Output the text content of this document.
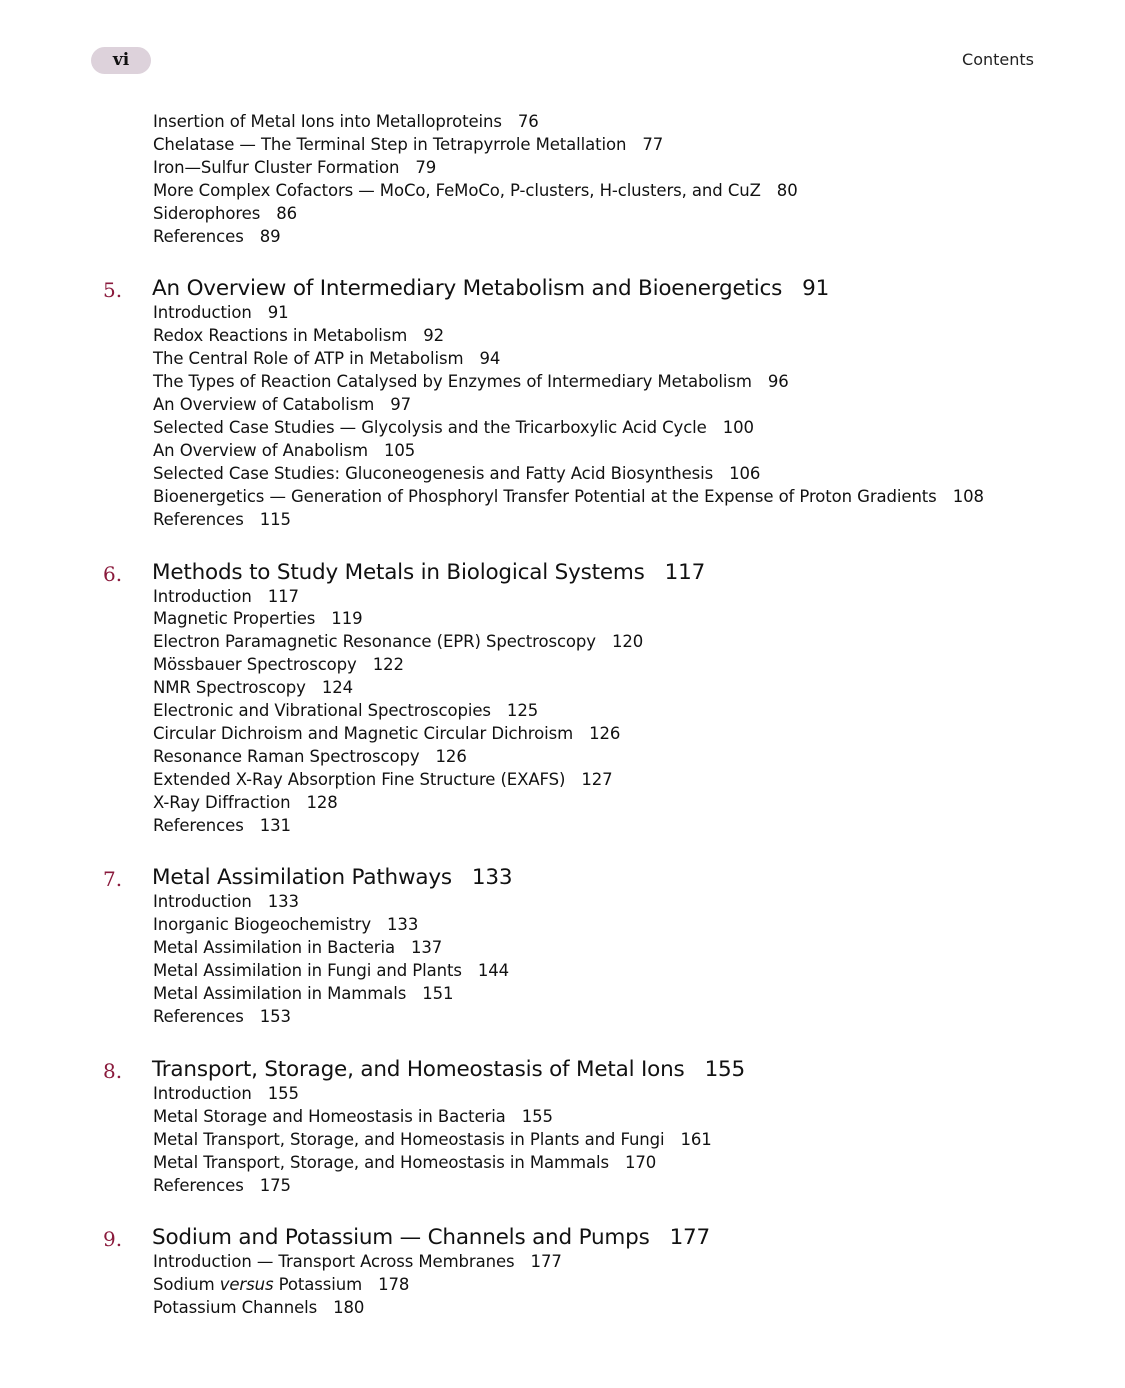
vi	Contents
Insertion of Metal Ions into Metalloproteins 76
Chelatase — The Terminal Step in Tetrapyrrole Metallation 77
Iron—Sulfur Cluster Formation 79
More Complex Cofactors — MoCo, FeMoCo, P-clusters, H-clusters, and CuZ 80
Siderophores 86
References 89
5. An Overview of Intermediary Metabolism and Bioenergetics 91
Introduction 91
Redox Reactions in Metabolism 92
The Central Role of ATP in Metabolism 94
The Types of Reaction Catalysed by Enzymes of Intermediary Metabolism 96
An Overview of Catabolism 97
Selected Case Studies — Glycolysis and the Tricarboxylic Acid Cycle 100
An Overview of Anabolism 105
Selected Case Studies: Gluconeogenesis and Fatty Acid Biosynthesis 106
Bioenergetics — Generation of Phosphoryl Transfer Potential at the Expense of Proton Gradients 108
References 115
6. Methods to Study Metals in Biological Systems 117
Introduction 117
Magnetic Properties 119
Electron Paramagnetic Resonance (EPR) Spectroscopy 120
Mössbauer Spectroscopy 122
NMR Spectroscopy 124
Electronic and Vibrational Spectroscopies 125
Circular Dichroism and Magnetic Circular Dichroism 126
Resonance Raman Spectroscopy 126
Extended X-Ray Absorption Fine Structure (EXAFS) 127
X-Ray Diffraction 128
References 131
7. Metal Assimilation Pathways 133
Introduction 133
Inorganic Biogeochemistry 133
Metal Assimilation in Bacteria 137
Metal Assimilation in Fungi and Plants 144
Metal Assimilation in Mammals 151
References 153
8. Transport, Storage, and Homeostasis of Metal Ions 155
Introduction 155
Metal Storage and Homeostasis in Bacteria 155
Metal Transport, Storage, and Homeostasis in Plants and Fungi 161
Metal Transport, Storage, and Homeostasis in Mammals 170
References 175
9. Sodium and Potassium — Channels and Pumps 177
Introduction — Transport Across Membranes 177
Sodium versus Potassium 178
Potassium Channels 180
